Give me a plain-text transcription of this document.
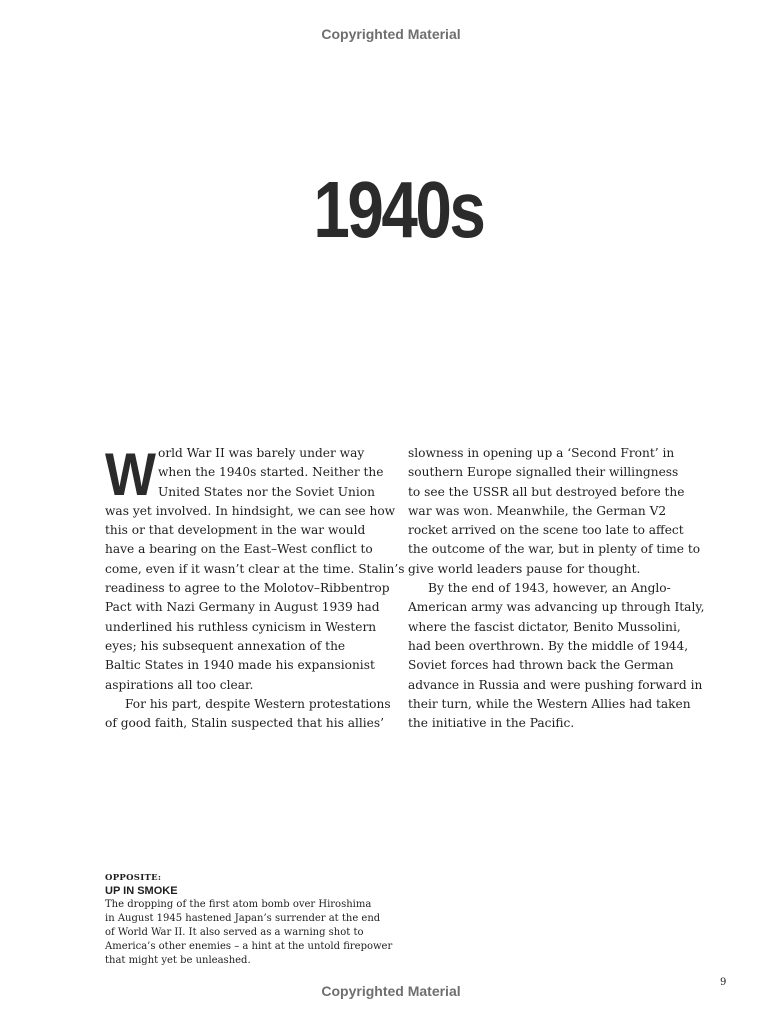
Copyrighted Material
1940s
W orld War II was barely under way
when the 1940s started. Neither the
United States nor the Soviet Union
was yet involved. In hindsight, we can see how
this or that development in the war would
have a bearing on the East–West conflict to
come, even if it wasn’t clear at the time. Stalin’s
readiness to agree to the Molotov–Ribbentrop
Pact with Nazi Germany in August 1939 had
underlined his ruthless cynicism in Western
eyes; his subsequent annexation of the
Baltic States in 1940 made his expansionist
aspirations all too clear.
For his part, despite Western protestations
of good faith, Stalin suspected that his allies’
slowness in opening up a ‘Second Front’ in
southern Europe signalled their willingness
to see the USSR all but destroyed before the
war was won. Meanwhile, the German V2
rocket arrived on the scene too late to affect
the outcome of the war, but in plenty of time to
give world leaders pause for thought.
By the end of 1943, however, an Anglo-
American army was advancing up through Italy,
where the fascist dictator, Benito Mussolini,
had been overthrown. By the middle of 1944,
Soviet forces had thrown back the German
advance in Russia and were pushing forward in
their turn, while the Western Allies had taken
the initiative in the Pacific.
OPPOSITE:
UP IN SMOKE
The dropping of the first atom bomb over Hiroshima
in August 1945 hastened Japan’s surrender at the end
of World War II. It also served as a warning shot to
America’s other enemies – a hint at the untold firepower
that might yet be unleashed.
9
Copyrighted Material
